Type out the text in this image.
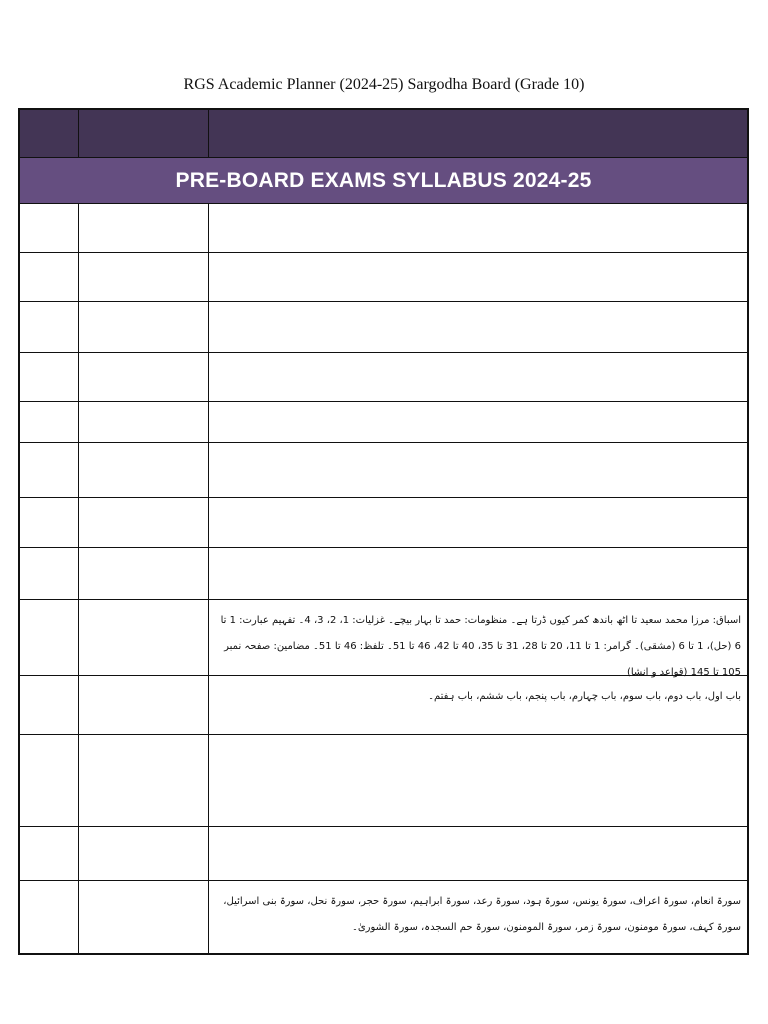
RGS Academic Planner (2024-25) Sargodha Board (Grade 10)
PRE-BOARD EXAMS SYLLABUS 2024-25
اسباق: مرزا محمد سعید تا اٹھ باندھ کمر کیوں ڈرتا ہے۔ منظومات: حمد تا بہار بیچے۔ غزلیات: 1، 2، 3، 4۔ تفہیم عبارت: 1 تا 6 (حل)، 1 تا 6 (مشقی)۔ گرامر: 1 تا 11، 20 تا 28، 31 تا 35، 40 تا 42، 46 تا 51۔ تلفظ: 46 تا 51۔ مضامین: صفحہ نمبر 105 تا 145 (قواعد و انشا)
باب اول، باب دوم، باب سوم، باب چہارم، باب پنجم، باب ششم، باب ہفتم۔
سورۃ انعام، سورۃ اعراف، سورۃ یونس، سورۃ ہود، سورۃ رعد، سورۃ ابراہیم، سورۃ حجر، سورۃ نحل، سورۃ بنی اسرائیل، سورۃ کہف، سورۃ مومنون، سورۃ زمر، سورۃ المومنون، سورۃ حم السجدہ، سورۃ الشوریٰ۔
